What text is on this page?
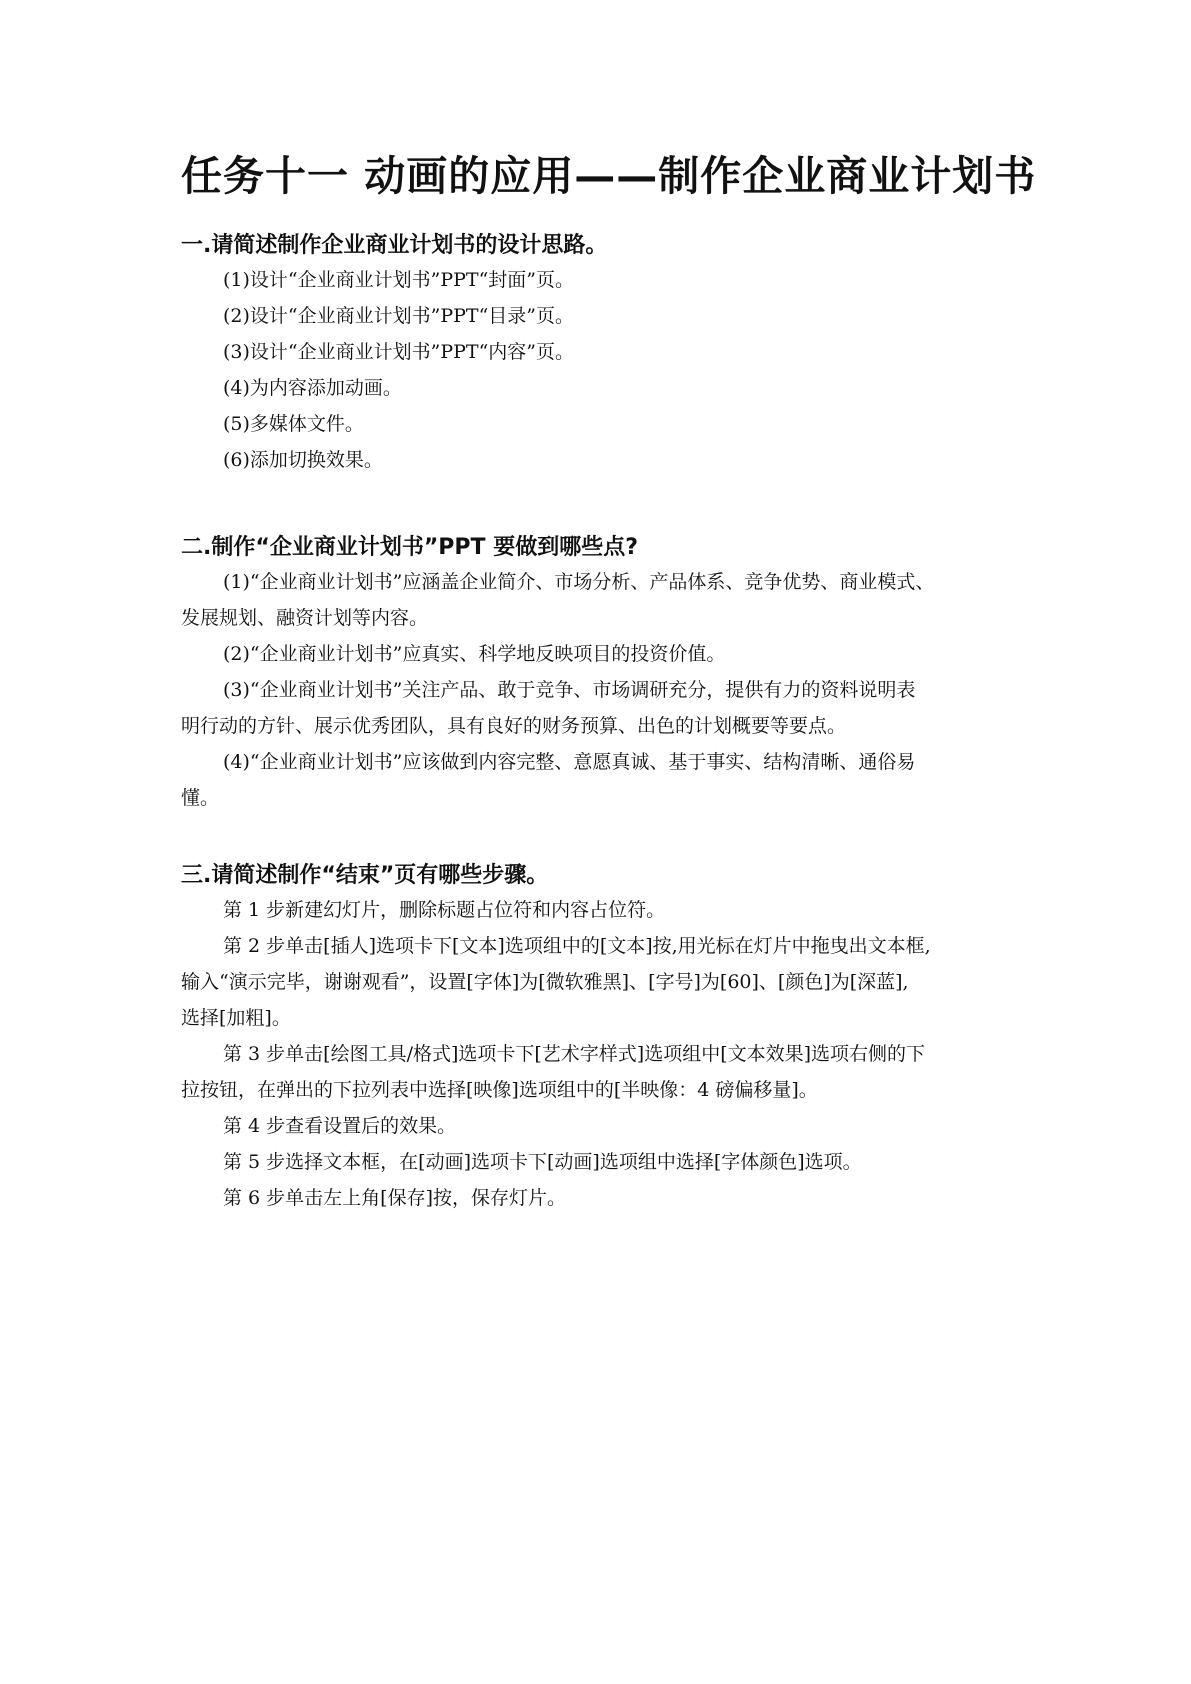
任务十一 动画的应用——制作企业商业计划书
一.请简述制作企业商业计划书的设计思路。

(1)设计“企业商业计划书”PPT“封面”页。

(2)设计“企业商业计划书”PPT“目录”页。

(3)设计“企业商业计划书”PPT“内容”页。

(4)为内容添加动画。

(5)多媒体文件。

(6)添加切换效果。

二.制作“企业商业计划书”PPT 要做到哪些点?
(1)“企业商业计划书”应涵盖企业简介、市场分析、产品体系、竞争优势、商业模式、
发展规划、融资计划等内容。
(2)“企业商业计划书”应真实、科学地反映项目的投资价值。
(3)“企业商业计划书”关注产品、敢于竞争、市场调研充分，提供有力的资料说明表
明行动的方针、展示优秀团队，具有良好的财务预算、出色的计划概要等要点。
(4)“企业商业计划书”应该做到内容完整、意愿真诚、基于事实、结构清晰、通俗易
懂。
三.请简述制作“结束”页有哪些步骤。
第 1 步新建幻灯片，删除标题占位符和内容占位符。
第 2 步单击[插人]选项卡下[文本]选项组中的[文本]按,用光标在灯片中拖曳出文本框,
输入“演示完毕，谢谢观看”，设置[字体]为[微软雅黑]、[字号]为[60]、[颜色]为[深蓝],
选择[加粗]。
第 3 步单击[绘图工具/格式]选项卡下[艺术字样式]选项组中[文本效果]选项右侧的下
拉按钮，在弹出的下拉列表中选择[映像]选项组中的[半映像：4 磅偏移量]。
第 4 步查看设置后的效果。
第 5 步选择文本框，在[动画]选项卡下[动画]选项组中选择[字体颜色]选项。
第 6 步单击左上角[保存]按，保存灯片。
